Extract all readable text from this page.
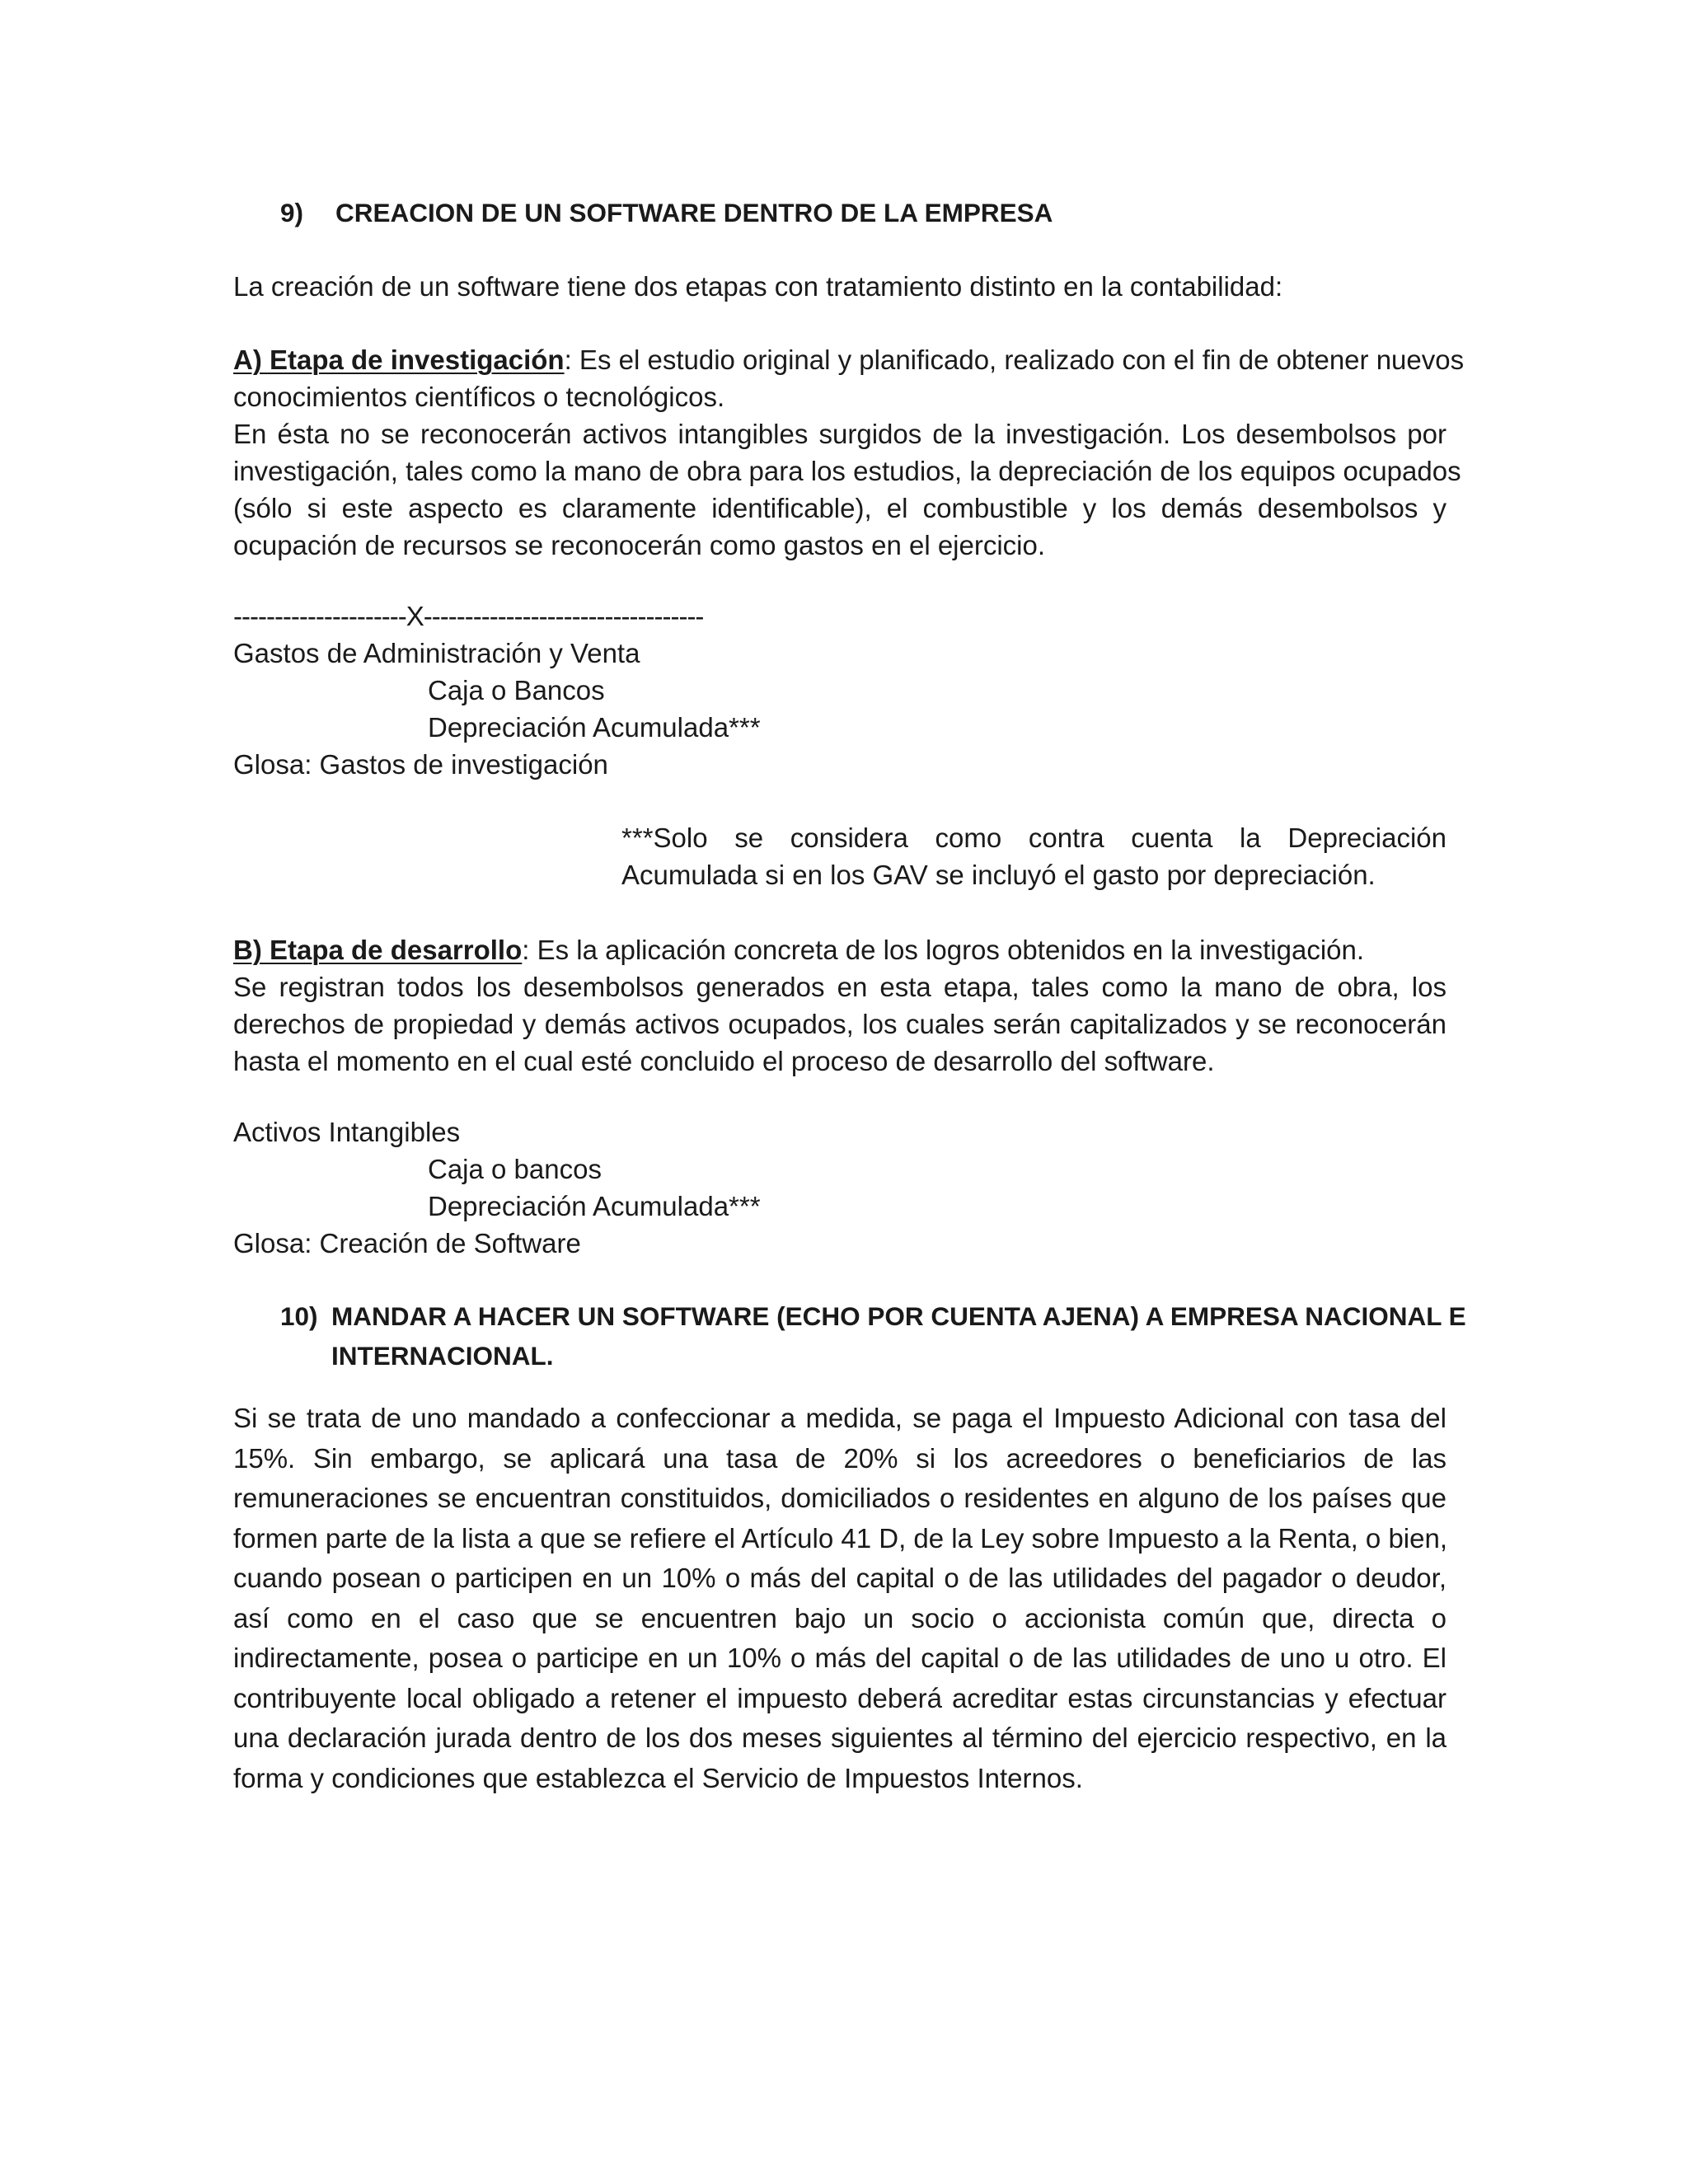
9) CREACION DE UN SOFTWARE DENTRO DE LA EMPRESA

La creación de un software tiene dos etapas con tratamiento distinto en la contabilidad:

A) Etapa de investigación: Es el estudio original y planificado, realizado con el fin de obtener nuevos
conocimientos científicos o tecnológicos.
En ésta no se reconocerán activos intangibles surgidos de la investigación. Los desembolsos por
investigación, tales como la mano de obra para los estudios, la depreciación de los equipos ocupados
(sólo si este aspecto es claramente identificable), el combustible y los demás desembolsos y
ocupación de recursos se reconocerán como gastos en el ejercicio.

---------------------X----------------------------------

Gastos de Administración y Venta

Caja o Bancos

Depreciación Acumulada***

Glosa: Gastos de investigación

***Solo se considera como contra cuenta la Depreciación
Acumulada si en los GAV se incluyó el gasto por depreciación.
B) Etapa de desarrollo: Es la aplicación concreta de los logros obtenidos en la investigación.
Se registran todos los desembolsos generados en esta etapa, tales como la mano de obra, los
derechos de propiedad y demás activos ocupados, los cuales serán capitalizados y se reconocerán
hasta el momento en el cual esté concluido el proceso de desarrollo del software.

Activos Intangibles

Caja o bancos

Depreciación Acumulada***

Glosa: Creación de Software

10) MANDAR A HACER UN SOFTWARE (ECHO POR CUENTA AJENA) A EMPRESA NACIONAL E
INTERNACIONAL.
Si se trata de uno mandado a confeccionar a medida, se paga el Impuesto Adicional con tasa del
15%. Sin embargo, se aplicará una tasa de 20% si los acreedores o beneficiarios de las
remuneraciones se encuentran constituidos, domiciliados o residentes en alguno de los países que
formen parte de la lista a que se refiere el Artículo 41 D, de la Ley sobre Impuesto a la Renta, o bien,
cuando posean o participen en un 10% o más del capital o de las utilidades del pagador o deudor,
así como en el caso que se encuentren bajo un socio o accionista común que, directa o
indirectamente, posea o participe en un 10% o más del capital o de las utilidades de uno u otro. El
contribuyente local obligado a retener el impuesto deberá acreditar estas circunstancias y efectuar
una declaración jurada dentro de los dos meses siguientes al término del ejercicio respectivo, en la
forma y condiciones que establezca el Servicio de Impuestos Internos.
